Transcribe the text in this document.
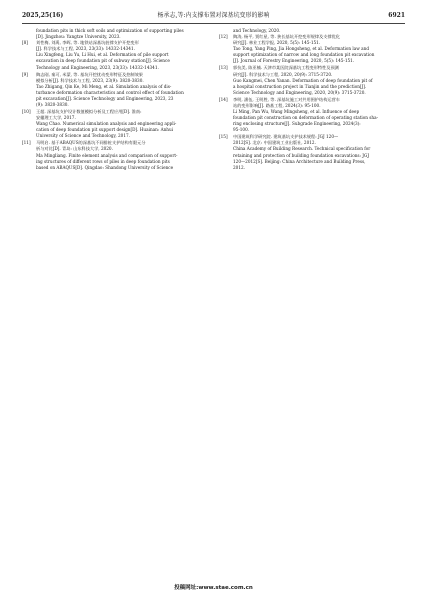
2025,25(16)	杨承志,等:内支撑布置对深基坑变形的影响	6921
foundation pits in thick soft soils and optimization of supporting piles
[D]. Jingzhou: Yangtze University, 2023.
[8] 刘性梅, 刘禹, 李晖, 等. 地铁站深基坑桩撑支护开挖变形
[J]. 科学技术与工程, 2023, 23(33): 14332-14341.
Liu Xingfeng, Liu Yu, Li Hui, et al. Deformation of pile support
excavation in deep foundation pit of subway station[J]. Science
Technology and Engineering, 2023, 23(33): 14332-14341.
[9] 陶志刚, 秦可, 米蒙, 等. 基坑开挖扰动变形特征及控制效果
模拟分析[J]. 科学技术与工程, 2023, 23(9): 3820-3830.
Tao Zhigang, Qin Ke, Mi Meng, et al. Simulation analysis of dis-
turbance deformation characteristics and control effect of foundation
pit excavation[J]. Science Technology and Engineering, 2023, 23
(9): 3820-3830.
[10] 王超. 深基坑支护设计数值模拟分析及工程应用[D]. 淮南:
安徽理工大学, 2017.
Wang Chao. Numerical simulation analysis and engineering appli-
cation of deep foundation pit support design[D]. Huainan: Anhui
University of Science and Technology, 2017.
[11] 马明启. 基于ABAQUS的深基坑不同排桩支护结构有限元分
析与对比[D]. 青岛: 山东科技大学, 2020.
Ma Mingliang. Finite element analysis and comparison of support-
ing structures of different rows of piles in deep foundation pits
based on ABAQUS[D]. Qingdao: Shandong University of Science
and Technology, 2020.
[12] 陶涛, 杨平, 贾红星, 等. 狭长基坑开挖变形规律及支撑优化
研究[J]. 林业工程学报, 2020, 5(5): 145-151.
Tao Tong, Yang Ping, Jia Hongsheng, et al. Deformation law and
support optimization of narrow and long foundation pit excavation
[J]. Journal of Forestry Engineering, 2020, 5(5): 145-151.
[13] 郭抗美, 陈亚楠. 天津市某医院深基坑工程变形特性及预测
研究[J]. 科学技术与工程, 2020, 20(9): 3715-3720.
Guo Kangmei, Chen Yanan. Deformation of deep foundation pit of
a hospital construction project in Tianjin and the prediction[J].
Science Technology and Engineering, 2020, 20(9): 3715-3720.
[14] 李明, 潘伍, 王明胜, 等. 深基坑施工对共用围护结构运营车
站的变形影响[J]. 路基工程, 2024(3): 95-100.
Li Ming, Pan Wu, Wang Mingsheng, et al. Influence of deep
foundation pit construction on deformation of operating station sha-
ring enclosing structure[J]. Subgrade Engineering, 2024(3):
95-100.
[15] 中国建筑科学研究院. 建筑基坑支护技术规程: JGJ 120—
2012[S]. 北京: 中国建筑工业出版社, 2012.
China Academy of Building Research. Technical specification for
retaining and protection of building foundation excavations: JGJ
120—2012[S]. Beijing: China Architecture and Building Press,
2012.
投稿网址:www.stae.com.cn
